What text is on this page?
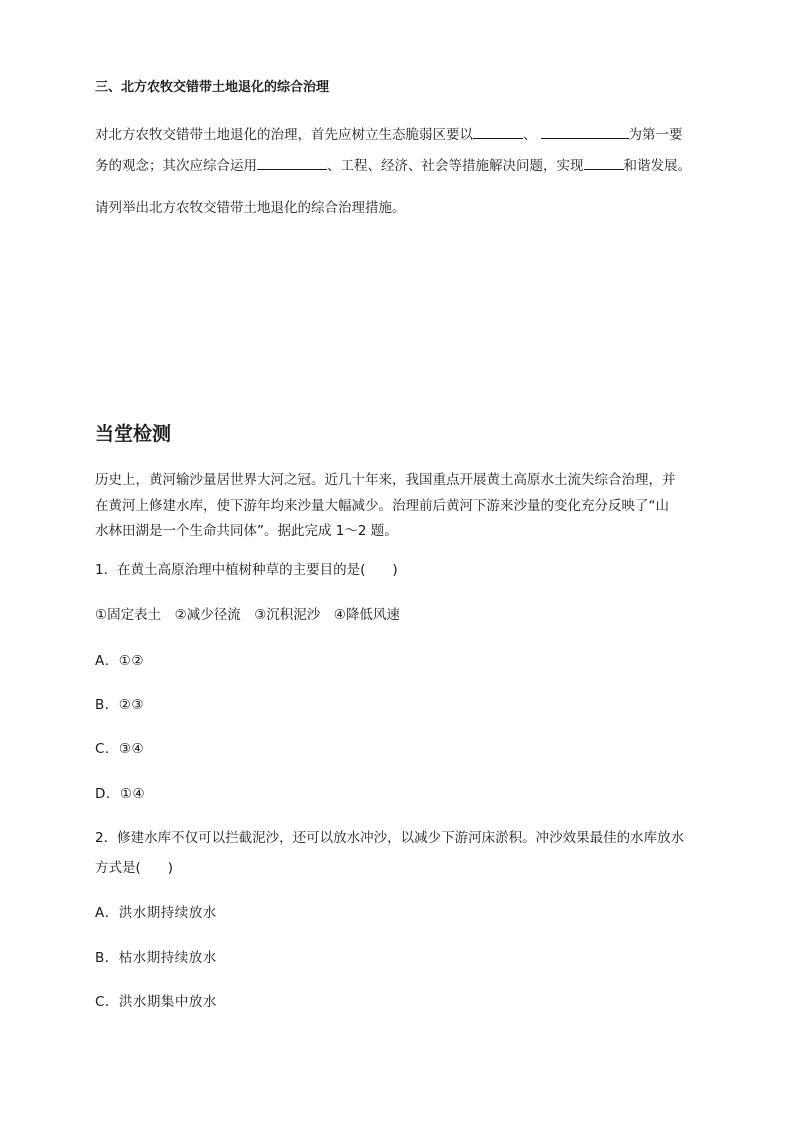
三、北方农牧交错带土地退化的综合治理
对北方农牧交错带土地退化的治理，首先应树立生态脆弱区要以	、	为第一要
务的观念；其次应综合运用	、工程、经济、社会等措施解决问题，实现	和谐发展。
请列举出北方农牧交错带土地退化的综合治理措施。
当堂检测
历史上，黄河输沙量居世界大河之冠。近几十年来，我国重点开展黄土高原水土流失综合治理，并
在黄河上修建水库，使下游年均来沙量大幅减少。治理前后黄河下游来沙量的变化充分反映了“山
水林田湖是一个生命共同体”。据此完成 1～2 题。
1．在黄土高原治理中植树种草的主要目的是(　　)
①固定表土　②减少径流　③沉积泥沙　④降低风速
A．①②
B．②③
C．③④
D．①④
2．修建水库不仅可以拦截泥沙，还可以放水冲沙，以减少下游河床淤积。冲沙效果最佳的水库放水
方式是(　　)
A．洪水期持续放水
B．枯水期持续放水
C．洪水期集中放水
